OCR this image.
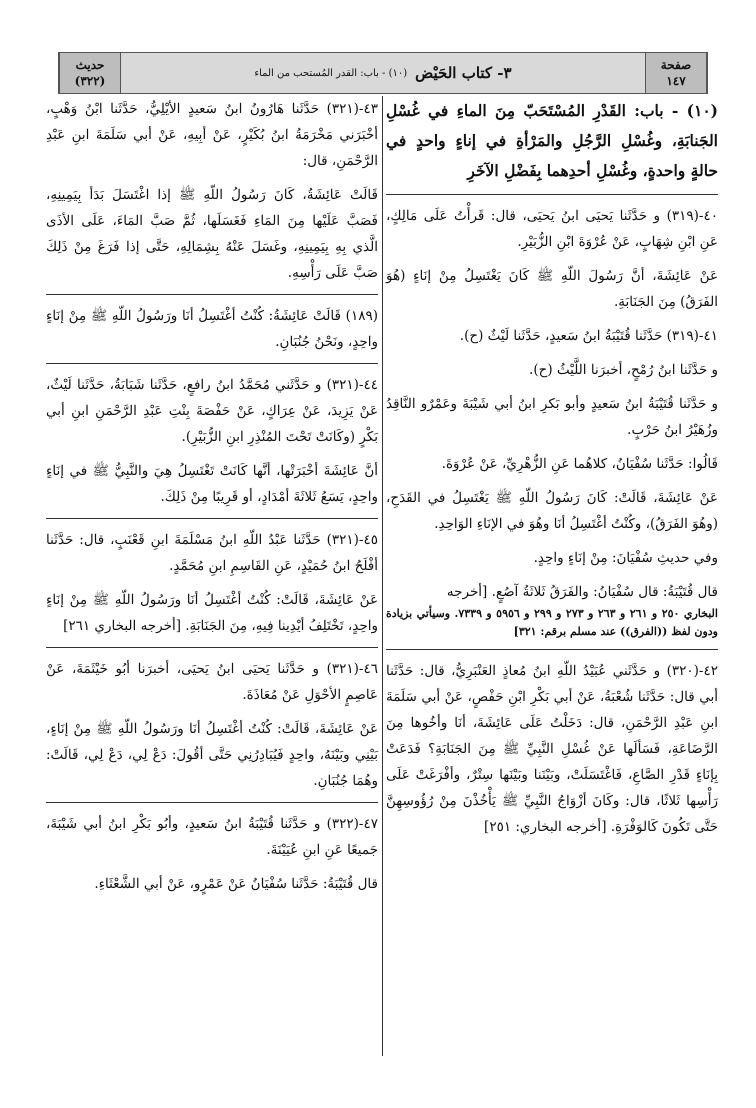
صفحة
١٤٧
٣- كتاب الحَيْض
(١٠) - باب: القدر المُستحب من الماء
حديث
(٣٢٢)

(١٠) - باب: القَدْرِ المُسْتَحَبّ مِنَ الماءِ في غُسْلِ الجَنابَةِ، وغُسْلِ الرَّجُلِ والمَرْأةِ في إناءٍ واحدٍ في حالةٍ واحدةٍ، وغُسْلِ أحدِهما بِفَضْلِ الآخَرِ

٤٠-(٣١٩) و حَدَّثَنا يَحيَى ابنُ يَحيَى، قال: قَرأْتُ عَلَى مَالِكٍ، عَنِ ابْنِ شِهَابٍ، عَنْ عُرْوَةَ ابْنِ الزُّبَيْرِ.

عَنْ عَائِشَةَ، أنَّ رَسُولَ اللّهِ ﷺ كَانَ يَغْتَسِلُ مِنْ إنَاءٍ (هُوَ الفَرَقُ) مِنَ الجَنَابَةِ.

٤١-(٣١٩) حَدَّثَنا قُتَيْبَةُ ابنُ سَعيدٍ، حَدَّثَنا لَيْثٌ (ح).

و حَدَّثَنا ابنُ رُمْحٍ، أخبرَنا اللَّيْثُ (ح).

و حَدَّثَنا قُتَيْبَةُ ابنُ سَعيدٍ وأبو بَكرِ ابنُ أبي شَيْبَةَ وعَمْرٌو النَّاقِدُ وزُهَيْرُ ابنُ حَرْبٍ.

قَالُوا: حَدَّثَنا سُفْيَانُ، كلاهُما عَنِ الزُّهْرِيِّ، عَنْ عُرْوَةَ.

عَنْ عَائِشَةَ، قَالَتْ: كَانَ رَسُولُ اللّهِ ﷺ يَغْتَسِلُ في القَدَحِ، (وهُوَ الفَرَقُ)، وكُنْتُ أغْتَسِلُ أنَا وهُوَ في الإنَاءِ الوَاحِدِ.

وفي حديثِ سُفْيَانَ: مِنْ إنَاءٍ واحِدٍ.

قال قُتَيْبَةُ: قال سُفْيَانُ: والفَرَقُ ثَلاثَةُ آصُعٍ. [أخرجه

البخاري ٢٥٠ و ٢٦١ و ٢٦٣ و ٢٧٣ و ٢٩٩ و ٥٩٥٦ و ٧٣٣٩. وسيأتي بزيادة ودون لفظ ((الفرق)) عند مسلم برقم: ٣٢١]

٤٢-(٣٢٠) و حَدَّثَني عُبَيْدُ اللّهِ ابنُ مُعاذٍ العَنْبَرِيُّ، قال: حَدَّثَنا أبي قال: حَدَّثَنا شُعْبَةُ، عَنْ أبي بَكْرِ ابْنِ حَفْصٍ، عَنْ أبي سَلَمَةَ ابنِ عَبْدِ الرَّحْمَنِ، قال: دَخَلْتُ عَلَى عَائِشَةَ، أنَا وأخُوها مِنَ الرَّضَاعَةِ، فَسَألَها عَنْ غُسْلِ النَّبِيِّ ﷺ مِنَ الجَنَابَةِ؟ فَدَعَتْ بِإنَاءٍ قَدْرِ الصَّاعِ، فَاغْتَسَلَتْ، وبَيْنَنا وبَيْنَها سِتْرٌ، وأفْرَغَتْ عَلَى رَأْسِها ثَلاثًا، قال: وكَانَ أزْوَاجُ النَّبِيِّ ﷺ يَأْخُذْنَ مِنْ رُؤُوسِهِنَّ حَتَّى تَكُونَ كَالوَفْرَةِ. [أخرجه البخاري: ٢٥١]

٤٣-(٣٢١) حَدَّثَنا هَارُونُ ابنُ سَعيدٍ الأيْلِيُّ، حَدَّثَنا ابْنُ وَهْبٍ، أخْبَرَني مَخْرَمَةُ ابنُ بُكَيْرٍ، عَنْ أبِيهِ، عَنْ أبي سَلَمَةَ ابنِ عَبْدِ الرَّحْمَنِ، قال:

قَالَتْ عَائِشَةُ، كَانَ رَسُولُ اللّهِ ﷺ إذا اغْتَسَلَ بَدَأ بِيَمِينِهِ، فَصَبَّ عَلَيْها مِنَ المَاءِ فَغَسَلَها، ثُمَّ صَبَّ المَاءَ، عَلَى الأذَى الَّذي بِهِ بِيَمِينِهِ، وغَسَلَ عَنْهُ بِشِمَالِهِ، حَتَّى إذا فَرَغَ مِنْ ذَلِكَ صَبَّ عَلَى رَأْسِهِ.

(١٨٩) قَالَتْ عَائِشَةُ: كُنْتُ أغْتَسِلُ أنَا ورَسُولُ اللّهِ ﷺ مِنْ إنَاءٍ واحِدٍ، ونَحْنُ جُنُبَانِ.

٤٤-(٣٢١) و حَدَّثَني مُحَمَّدُ ابنُ رافعٍ، حَدَّثَنا شَبَابَةُ، حَدَّثَنا لَيْثٌ، عَنْ يَزِيدَ، عَنْ عِرَاكٍ، عَنْ حَفْصَةَ بِنْتِ عَبْدِ الرَّحْمَنِ ابنِ أبي بَكْرٍ (وكَانَتْ تَحْتَ المُنْذِرِ ابنِ الزُّبَيْرِ).

أنَّ عَائِشَةَ أخْبَرَتْها، أنَّها كَانَتْ تَغْتَسِلُ هِيَ والنَّبِيُّ ﷺ في إنَاءٍ واحِدٍ، يَسَعُ ثَلاثَةَ أمْدَادٍ، أو قَرِيبًا مِنْ ذَلِكَ.

٤٥-(٣٢١) حَدَّثَنا عَبْدُ اللّهِ ابنُ مَسْلَمَةَ ابنِ قَعْنَبٍ، قال: حَدَّثَنا أفْلَحُ ابنُ حُمَيْدٍ، عَنِ القَاسِمِ ابنِ مُحَمَّدٍ.

عَنْ عَائِشَةَ، قَالَتْ: كُنْتُ أغْتَسِلُ أنَا ورَسُولُ اللّهِ ﷺ مِنْ إنَاءٍ واحِدٍ، تَخْتَلِفُ أيْدِينا فِيهِ، مِنَ الجَنَابَةِ. [أخرجه البخاري ٢٦١]

٤٦-(٣٢١) و حَدَّثَنا يَحيَى ابنُ يَحيَى، أخبرَنا أبُو خَيْثَمَةَ، عَنْ عَاصِمٍ الأحْوَلِ عَنْ مُعَاذَةَ.

عَنْ عَائِشَةَ، قَالَتْ: كُنْتُ أغْتَسِلُ أنَا ورَسُولُ اللّهِ ﷺ مِنْ إنَاءٍ، بَيْنِي وبَيْنَهُ، واحِدٍ فَيُبَادِرُنِي حَتَّى أقُولَ: دَعْ لِي، دَعْ لِي، قَالَتْ: وهُمَا جُنُبَانِ.

٤٧-(٣٢٢) و حَدَّثَنا قُتَيْبَةُ ابنُ سَعيدٍ، وأبُو بَكْرِ ابنُ أبي شَيْبَةَ، جَميعًا عَنِ ابنِ عُيَيْنَةَ.

قال قُتَيْبَةُ: حَدَّثَنا سُفْيَانُ عَنْ عَمْرٍو، عَنْ أبي الشَّعْثَاءِ.
